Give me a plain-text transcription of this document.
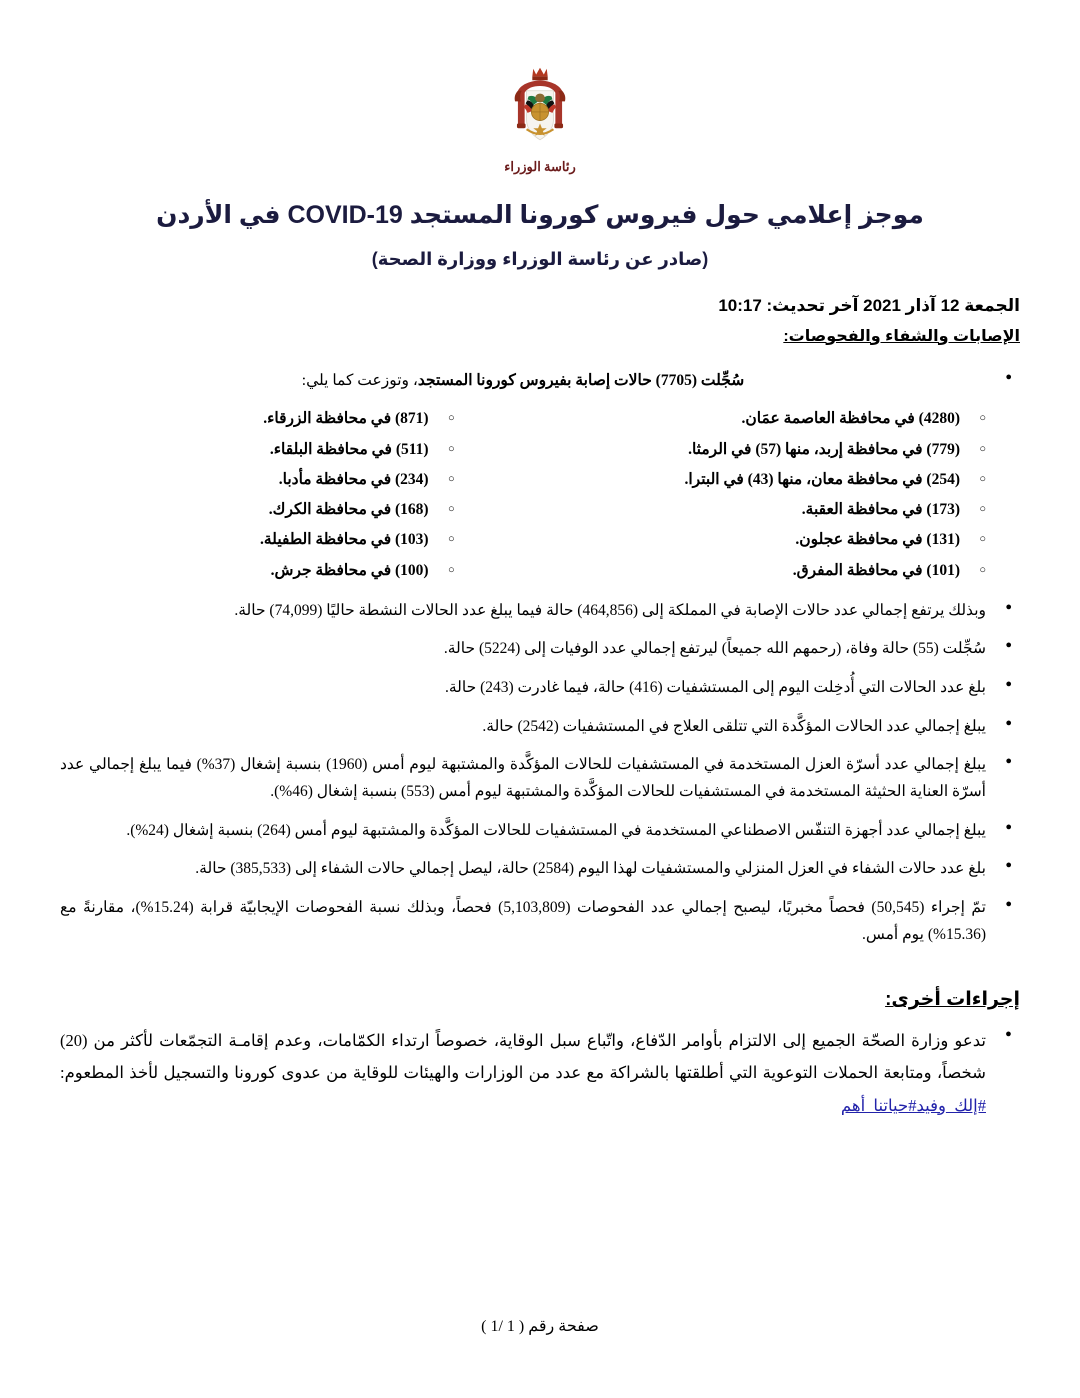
رئاسة الوزراء
موجز إعلامي حول فيروس كورونا المستجد COVID-19 في الأردن
(صادر عن رئاسة الوزراء ووزارة الصحة)
الجمعة 12 آذار 2021 آخر تحديث: 10:17
الإصابات والشفاء والفحوصات:
● سُجِّلت (7705) حالات إصابة بفيروس كورونا المستجد، وتوزعت كما يلي:
○ (4280) في محافظة العاصمة عمَان.
○ (779) في محافظة إربد، منها (57) في الرمثا.
○ (254) في محافظة معان، منها (43) في البترا.
○ (173) في محافظة العقبة.
○ (131) في محافظة عجلون.
○ (101) في محافظة المفرق.
○ (871) في محافظة الزرقاء.
○ (511) في محافظة البلقاء.
○ (234) في محافظة مأدبا.
○ (168) في محافظة الكرك.
○ (103) في محافظة الطفيلة.
○ (100) في محافظة جرش.
● وبذلك يرتفع إجمالي عدد حالات الإصابة في المملكة إلى (464,856) حالة فيما يبلغ عدد الحالات النشطة حاليًا (74,099) حالة.
● سُجِّلت (55) حالة وفاة، (رحمهم الله جميعاً) ليرتفع إجمالي عدد الوفيات إلى (5224) حالة.
● بلغ عدد الحالات التي أُدخِلت اليوم إلى المستشفيات (416) حالة، فيما غادرت (243) حالة.
● يبلغ إجمالي عدد الحالات المؤكَّدة التي تتلقى العلاج في المستشفيات (2542) حالة.
● يبلغ إجمالي عدد أسرّة العزل المستخدمة في المستشفيات للحالات المؤكَّدة والمشتبهة ليوم أمس (1960) بنسبة إشغال (37%) فيما يبلغ إجمالي عدد أسرّة العناية الحثيثة المستخدمة في المستشفيات للحالات المؤكَّدة والمشتبهة ليوم أمس (553) بنسبة إشغال (46%).
● يبلغ إجمالي عدد أجهزة التنفّس الاصطناعي المستخدمة في المستشفيات للحالات المؤكَّدة والمشتبهة ليوم أمس (264) بنسبة إشغال (24%).
● بلغ عدد حالات الشفاء في العزل المنزلي والمستشفيات لهذا اليوم (2584) حالة، ليصل إجمالي حالات الشفاء إلى (385,533) حالة.
● تمّ إجراء (50,545) فحصاً مخبريًا، ليصبح إجمالي عدد الفحوصات (5,103,809) فحصاً، وبذلك نسبة الفحوصات الإيجابيّة قرابة (15.24%)، مقارنةً مع (15.36%) يوم أمس.
إجراءات أخرى:
● تدعو وزارة الصحّة الجميع إلى الالتزام بأوامر الدّفاع، واتّباع سبل الوقاية، خصوصاً ارتداء الكمّامات، وعدم إقامـة التجمّعات لأكثر من (20) شخصاً، ومتابعة الحملات التوعوية التي أطلقتها بالشراكة مع عدد من الوزارات والهيئات للوقاية من عدوى كورونا والتسجيل لأخذ المطعوم: #إلك_وفيد#حياتنا_أهم
صفحة رقم ( 1 /1 )
